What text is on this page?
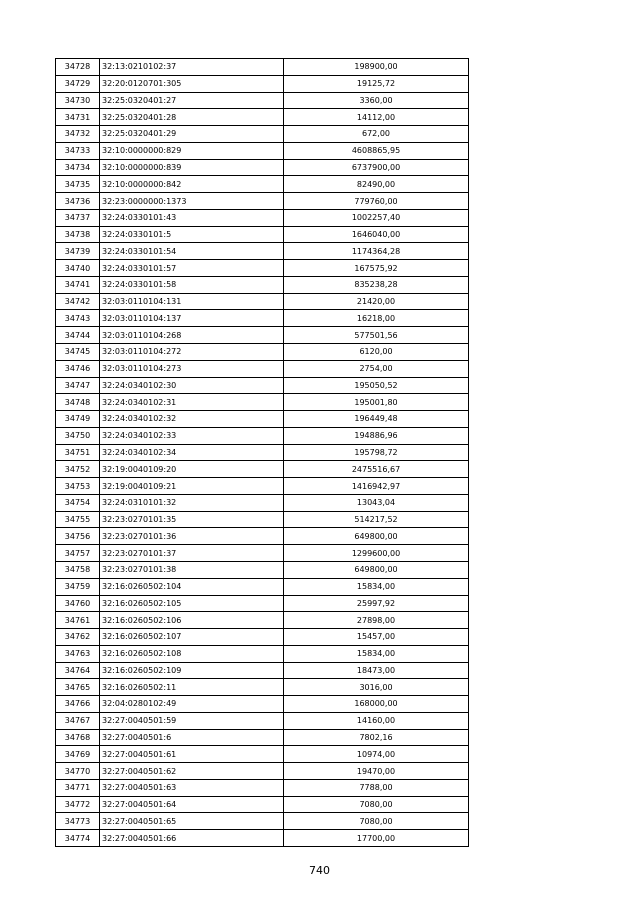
34728	32:13:0210102:37	198900,00
34729	32:20:0120701:305	19125,72
34730	32:25:0320401:27	3360,00
34731	32:25:0320401:28	14112,00
34732	32:25:0320401:29	672,00
34733	32:10:0000000:829	4608865,95
34734	32:10:0000000:839	6737900,00
34735	32:10:0000000:842	82490,00
34736	32:23:0000000:1373	779760,00
34737	32:24:0330101:43	1002257,40
34738	32:24:0330101:5	1646040,00
34739	32:24:0330101:54	1174364,28
34740	32:24:0330101:57	167575,92
34741	32:24:0330101:58	835238,28
34742	32:03:0110104:131	21420,00
34743	32:03:0110104:137	16218,00
34744	32:03:0110104:268	577501,56
34745	32:03:0110104:272	6120,00
34746	32:03:0110104:273	2754,00
34747	32:24:0340102:30	195050,52
34748	32:24:0340102:31	195001,80
34749	32:24:0340102:32	196449,48
34750	32:24:0340102:33	194886,96
34751	32:24:0340102:34	195798,72
34752	32:19:0040109:20	2475516,67
34753	32:19:0040109:21	1416942,97
34754	32:24:0310101:32	13043,04
34755	32:23:0270101:35	514217,52
34756	32:23:0270101:36	649800,00
34757	32:23:0270101:37	1299600,00
34758	32:23:0270101:38	649800,00
34759	32:16:0260502:104	15834,00
34760	32:16:0260502:105	25997,92
34761	32:16:0260502:106	27898,00
34762	32:16:0260502:107	15457,00
34763	32:16:0260502:108	15834,00
34764	32:16:0260502:109	18473,00
34765	32:16:0260502:11	3016,00
34766	32:04:0280102:49	168000,00
34767	32:27:0040501:59	14160,00
34768	32:27:0040501:6	7802,16
34769	32:27:0040501:61	10974,00
34770	32:27:0040501:62	19470,00
34771	32:27:0040501:63	7788,00
34772	32:27:0040501:64	7080,00
34773	32:27:0040501:65	7080,00
34774	32:27:0040501:66	17700,00
740
